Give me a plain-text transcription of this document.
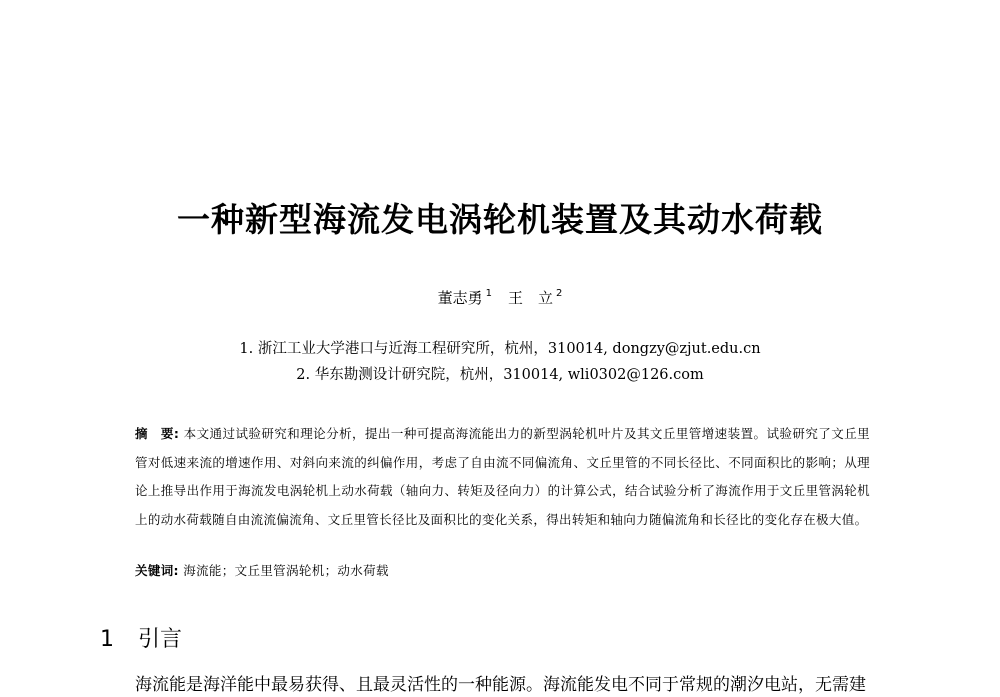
一种新型海流发电涡轮机装置及其动水荷载
董志勇 $^1$ 王　立 $^2$
1. 浙江工业大学港口与近海工程研究所，杭州，310014, dongzy@zjut.edu.cn
2. 华东勘测设计研究院，杭州，310014, wli0302@126.com
摘　要: 本文通过试验研究和理论分析，提出一种可提高海流能出力的新型涡轮机叶片及其文丘里管增速装置。试验研究了文丘里管对低速来流的增速作用、对斜向来流的纠偏作用，考虑了自由流不同偏流角、文丘里管的不同长径比、不同面积比的影响；从理论上推导出作用于海流发电涡轮机上动水荷载（轴向力、转矩及径向力）的计算公式，结合试验分析了海流作用于文丘里管涡轮机上的动水荷载随自由流流偏流角、文丘里管长径比及面积比的变化关系，得出转矩和轴向力随偏流角和长径比的变化存在极大值。
关键词: 海流能；文丘里管涡轮机；动水荷载
1 引言
海流能是海洋能中最易获得、且最灵活性的一种能源。海流能发电不同于常规的潮汐电站，无需建
